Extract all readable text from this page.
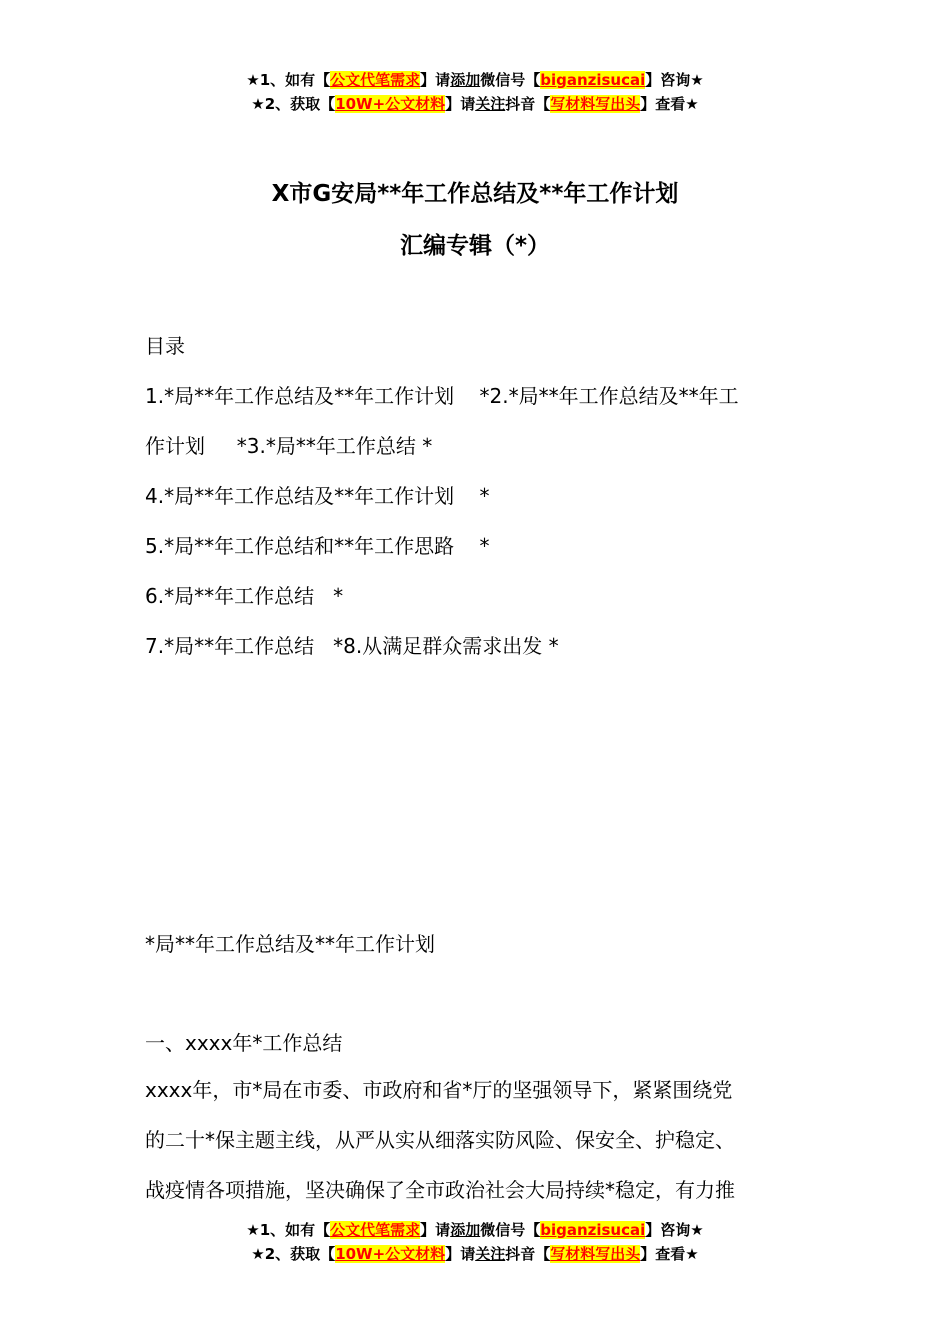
★1、如有【公文代笔需求】请添加微信号【biganzisucai】咨询★
★2、获取【10W+公文材料】请关注抖音【写材料写出头】查看★
X市G安局**年工作总结及**年工作计划
汇编专辑（*）
目录
1.*局**年工作总结及**年工作计划    *2.*局**年工作总结及**年工
作计划     *3.*局**年工作总结 *
4.*局**年工作总结及**年工作计划    *
5.*局**年工作总结和**年工作思路    *
6.*局**年工作总结   *
7.*局**年工作总结   *8.从满足群众需求出发 *
*局**年工作总结及**年工作计划
一、xxxx年*工作总结
xxxx年，市*局在市委、市政府和省*厅的坚强领导下，紧紧围绕党
的二十*保主题主线，从严从实从细落实防风险、保安全、护稳定、
战疫情各项措施，坚决确保了全市政治社会大局持续*稳定，有力推
★1、如有【公文代笔需求】请添加微信号【biganzisucai】咨询★
★2、获取【10W+公文材料】请关注抖音【写材料写出头】查看★
